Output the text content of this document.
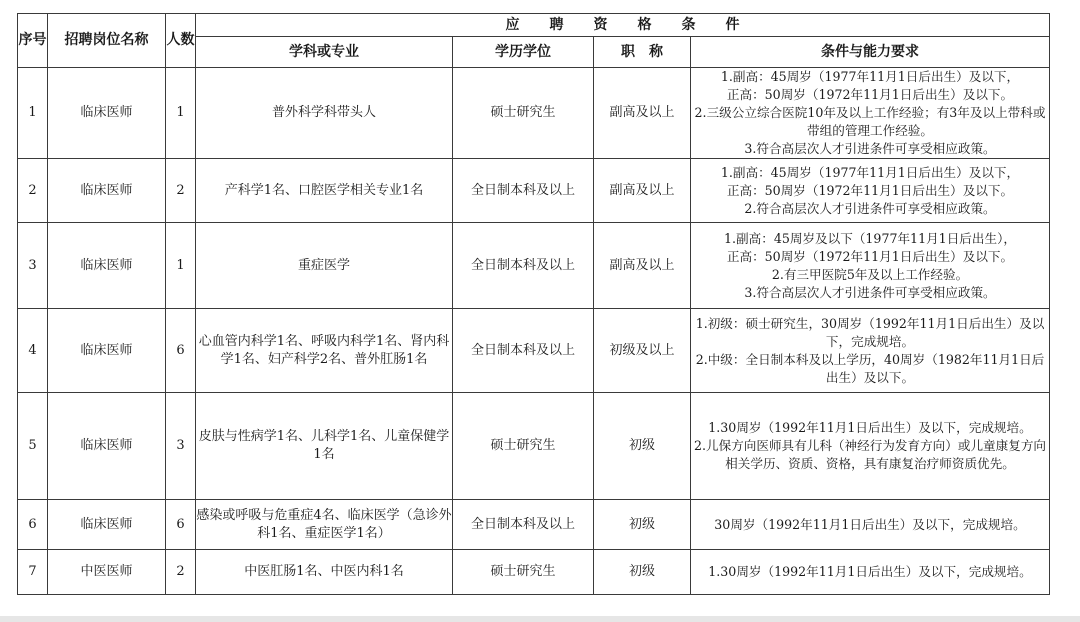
序号	招聘岗位名称	人数	应聘资格条件			
			学科或专业	学历学位	职　称	条件与能力要求
1	临床医师	1	普外科学科带头人	硕士研究生	副高及以上	1.副高：45周岁（1977年11月1日后出生）及以下，
正高：50周岁（1972年11月1日后出生）及以下。
2.三级公立综合医院10年及以上工作经验；有3年及以上带科或带组的管理工作经验。
3.符合高层次人才引进条件可享受相应政策。

2	临床医师	2	产科学1名、口腔医学相关专业1名	全日制本科及以上	副高及以上	1.副高：45周岁（1977年11月1日后出生）及以下，
正高：50周岁（1972年11月1日后出生）及以下。
2.符合高层次人才引进条件可享受相应政策。

3	临床医师	1	重症医学	全日制本科及以上	副高及以上	1.副高：45周岁及以下（1977年11月1日后出生），
正高：50周岁（1972年11月1日后出生）及以下。
2.有三甲医院5年及以上工作经验。
3.符合高层次人才引进条件可享受相应政策。

4	临床医师	6	心血管内科学1名、呼吸内科学1名、肾内科学1名、妇产科学2名、普外肛肠1名	全日制本科及以上	初级及以上	1.初级：硕士研究生，30周岁（1992年11月1日后出生）及以下，完成规培。
2.中级：全日制本科及以上学历，40周岁（1982年11月1日后出生）及以下。

5	临床医师	3	皮肤与性病学1名、儿科学1名、儿童保健学1名	硕士研究生	初级	1.30周岁（1992年11月1日后出生）及以下，完成规培。
2.儿保方向医师具有儿科（神经行为发育方向）或儿童康复方向相关学历、资质、资格，具有康复治疗师资质优先。

6	临床医师	6	感染或呼吸与危重症4名、临床医学（急诊外科1名、重症医学1名）	全日制本科及以上	初级	30周岁（1992年11月1日后出生）及以下，完成规培。

7	中医医师	2	中医肛肠1名、中医内科1名	硕士研究生	初级	1.30周岁（1992年11月1日后出生）及以下，完成规培。
